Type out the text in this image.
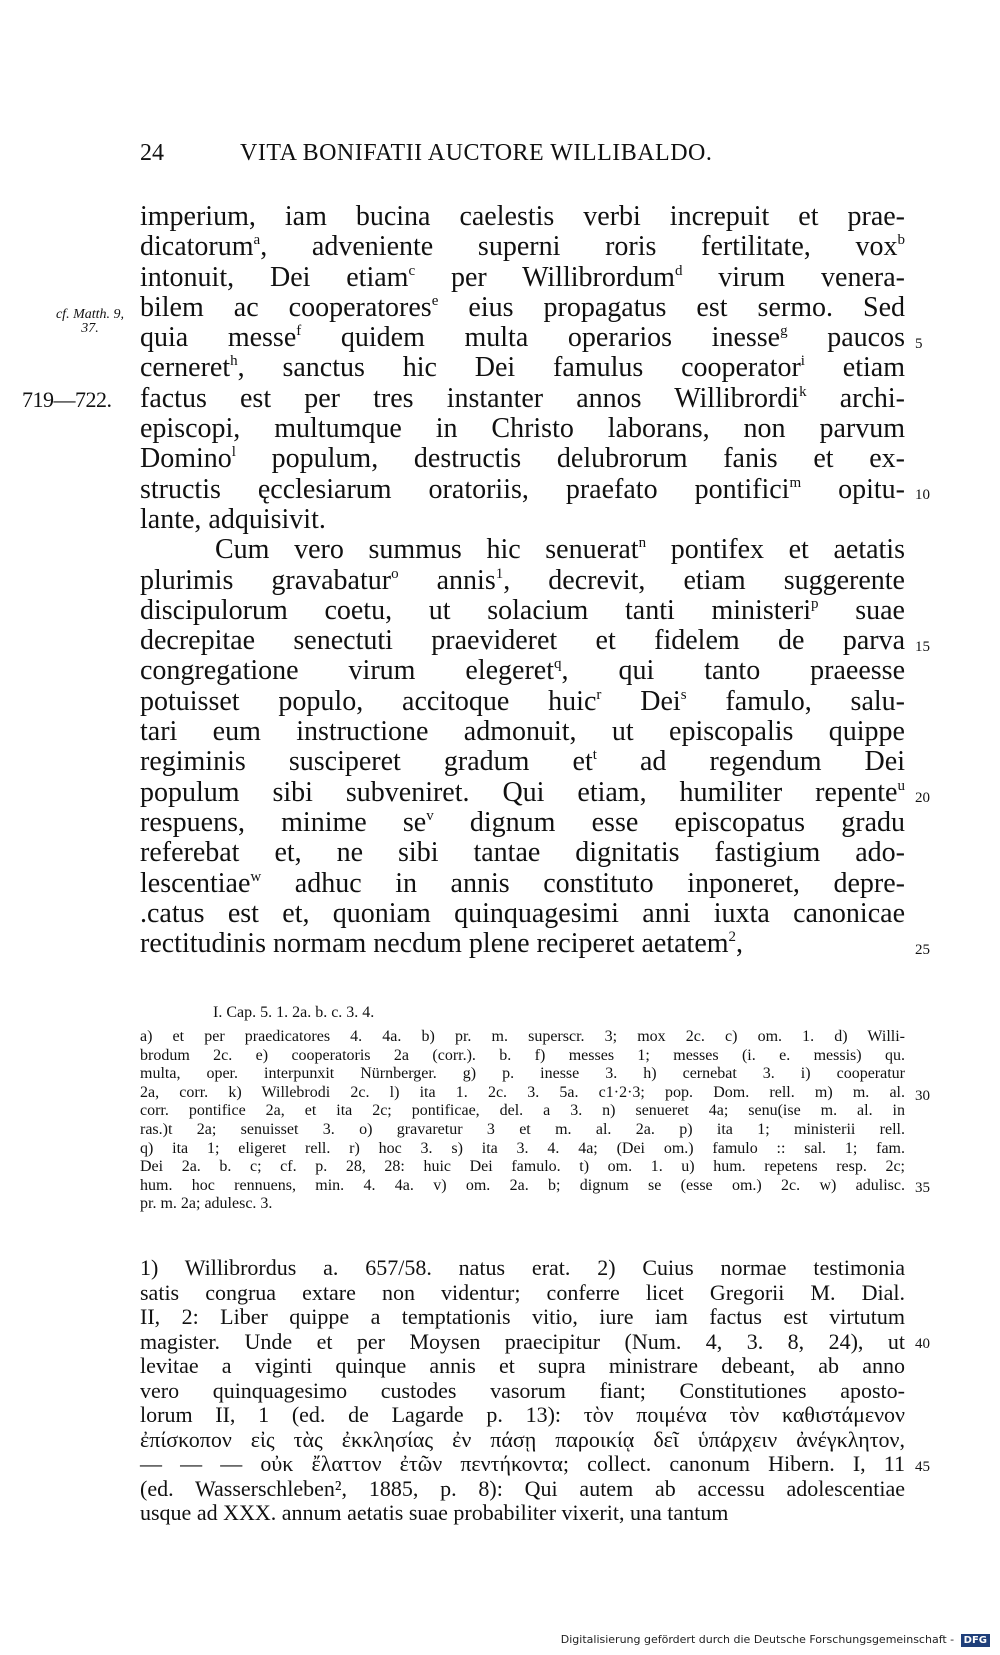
24	VITA BONIFATII AUCTORE WILLIBALDO.
cf. Matth. 9, 37.
719—722.
imperium, iam bucina caelestis verbi increpuit et prae-
dicatorum$^a$, adveniente superni roris fertilitate, vox$^b$
intonuit, Dei etiam$^c$ per Willibrordum$^d$ virum venera-
bilem ac cooperatores$^e$ eius propagatus est sermo. Sed
quia messe$^f$ quidem multa operarios inesse$^g$ paucos
cerneret$^h$, sanctus hic Dei famulus cooperator$^i$ etiam
factus est per tres instanter annos Willibrordi$^k$ archi-
episcopi, multumque in Christo laborans, non parvum
Domino$^l$ populum, destructis delubrorum fanis et ex-
structis ęcclesiarum oratoriis, praefato pontifici$^m$ opitu-
lante, adquisivit.
Cum vero summus hic senuerat$^n$ pontifex et aetatis
plurimis gravabatur$^o$ annis$^1$, decrevit, etiam suggerente
discipulorum coetu, ut solacium tanti ministeri$^p$ suae
decrepitae senectuti praevideret et fidelem de parva
congregatione virum elegeret$^q$, qui tanto praeesse
potuisset populo, accitoque huic$^r$ Dei$^s$ famulo, salu-
tari eum instructione admonuit, ut episcopalis quippe
regiminis susciperet gradum $et^t$ ad regendum Dei
populum sibi subveniret. Qui etiam, humiliter repente$^u$
respuens, minime $se^v$ dignum esse episcopatus gradu
referebat et, ne sibi tantae dignitatis fastigium ado-
lescentiae$^w$ adhuc in annis constituto inponeret, depre-
.catus est et, quoniam quinquagesimi anni iuxta canonicae
rectitudinis normam necdum plene reciperet aetatem$^2$,
5
10
15
20
25
I. Cap. 5. 1. 2a. b. c. 3. 4.
a) et per praedicatores 4. 4a. b) pr. m. superscr. 3; mox 2c. c) om. 1. d) Willi-
brodum 2c. e) cooperatoris 2a (corr.). b. f) messes 1; messes (i. e. messis) qu.
multa, oper. interpunxit Nürnberger. g) p. inesse 3. h) cernebat 3. i) cooperatur
2a, corr. k) Willebrodi 2c. l) ita 1. 2c. 3. 5a. c1·2·3; pop. Dom. rell. m) m. al.
corr. pontifice 2a, et ita 2c; pontificae, del. a 3. n) senueret 4a; senu(ise m. al. in
ras.)t 2a; senuisset 3. o) gravaretur 3 et m. al. 2a. p) ita 1; ministerii rell.
q) ita 1; eligeret rell. r) hoc 3. s) ita 3. 4. 4a; (Dei om.) famulo :: sal. 1; fam.
Dei 2a. b. c; cf. p. 28, 28: huic Dei famulo. t) om. 1. u) hum. repetens resp. 2c;
hum. hoc rennuens, min. 4. 4a. v) om. 2a. b; dignum se (esse om.) 2c. w) adulisc.
pr. m. 2a; adulesc. 3.
30
35
1) Willibrordus a. 657/58. natus erat. 2) Cuius normae testimonia
satis congrua extare non videntur; conferre licet Gregorii M. Dial.
II, 2: Liber quippe a temptationis vitio, iure iam factus est virtutum
magister. Unde et per Moysen praecipitur (Num. 4, 3. 8, 24), ut
levitae a viginti quinque annis et supra ministrare debeant, ab anno
vero quinquagesimo custodes vasorum fiant; Constitutiones aposto-
lorum II, 1 (ed. de Lagarde p. 13): τὸν ποιμένα τὸν καθιστάμενον
ἐπίσκοπον εἰς τὰς ἐκκλησίας ἐν πάσῃ παροικίᾳ δεῖ ὑπάρχειν ἀνέγκλητον,
— — — οὐκ ἔλαττον ἐτῶν πεντήκοντα; collect. canonum Hibern. I, 11
(ed. Wasserschleben², 1885, p. 8): Qui autem ab accessu adolescentiae
usque ad XXX. annum aetatis suae probabiliter vixerit, una tantum
40
45
Digitalisierung gefördert durch die Deutsche Forschungsgemeinschaft - DFG
